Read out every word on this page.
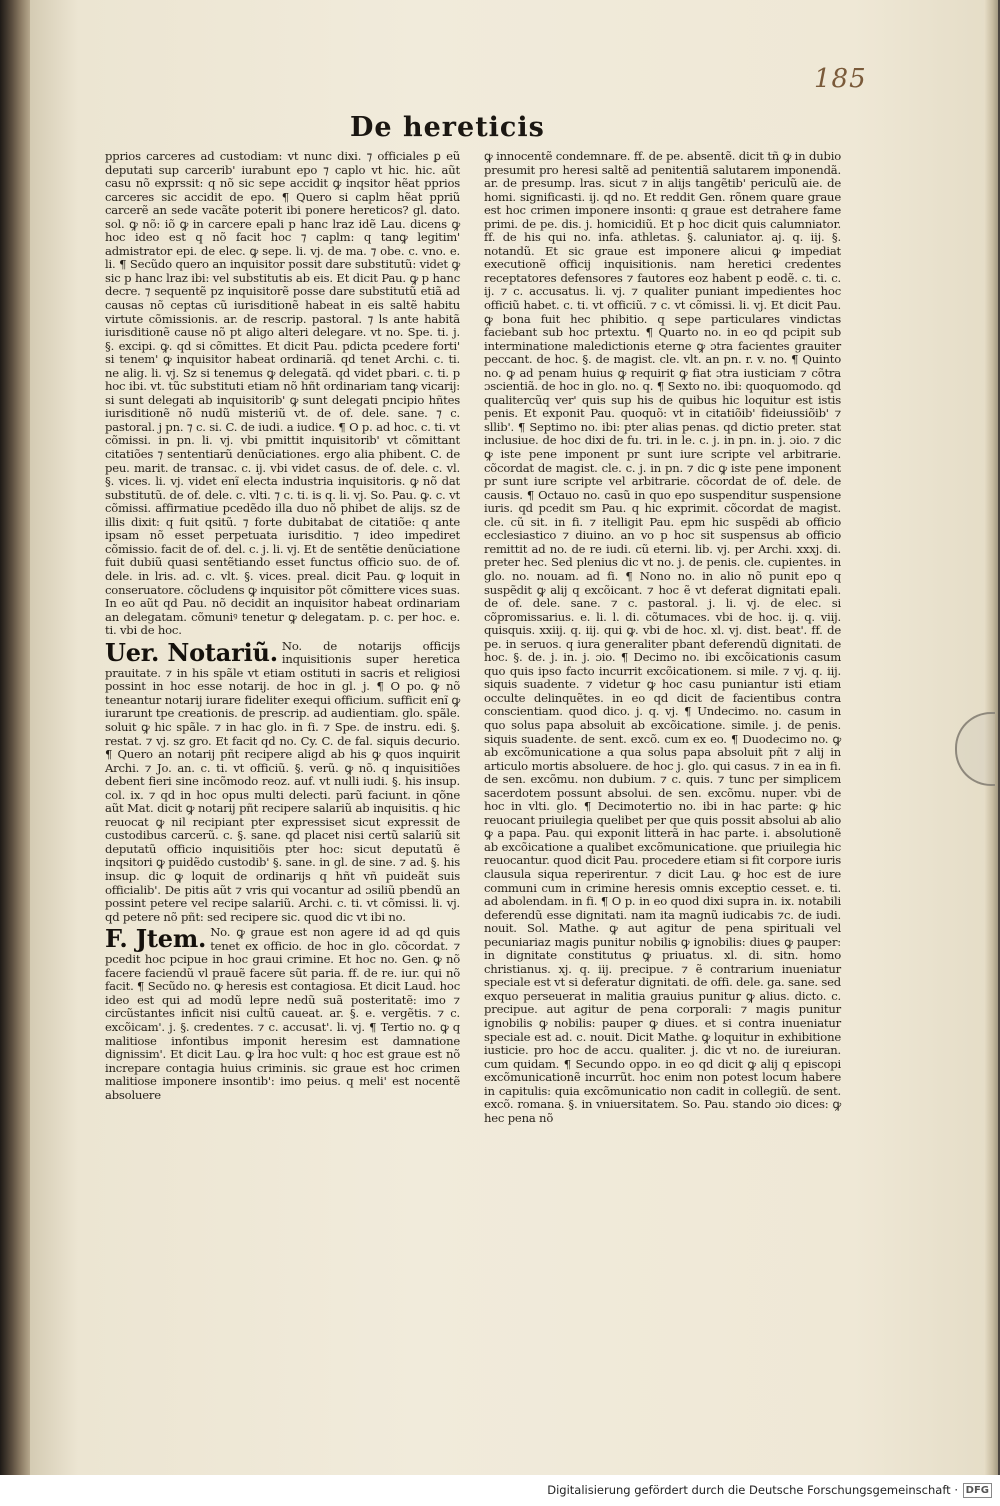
185
De hereticis

pprios carceres ad custodiam: vt nunc dixi. ⁊ officiales ꝑ eũ deputati sup carcerib' iurabunt epo ⁊ caplo vt hic. hic. aũt casu nõ exprssit: q nõ sic sepe accidit ꝙ inqsitor hẽat pprios carceres sic accidit de epo. ¶ Quero si caplm hẽat ppriũ carcerẽ an sede vacãte poterit ibi ponere hereticos? gl. dato. sol. ꝙ nõ: iõ ꝙ in carcere epali p hanc lraz idẽ Lau. dicens ꝙ hoc ideo est q nõ facit hoc ⁊ caplm: q tanꝙ legitim' admistrator epi. de elec. ꝙ sepe. li. vj. de ma. ⁊ obe. c. vno. e. li. ¶ Secũdo quero an inquisitor possit dare substitutũ: videt ꝙ sic p hanc lraz ibi: vel substitutis ab eis. Et dicit Pau. ꝙ p hanc decre. ⁊ sequentẽ pz inquisitorẽ posse dare substitutũ etiã ad causas nõ ceptas cũ iurisditionẽ habeat in eis saltẽ habitu virtute cõmissionis. ar. de rescrip. pastoral. ⁊ ls ante habitã iurisditionẽ cause nõ pt aligo alteri delegare. vt no. Spe. ti. j. §. excipi. ꝙ. qd si cõmittes. Et dicit Pau. pdicta pcedere forti' si tenem' ꝙ inquisitor habeat ordinariã. qd tenet Archi. c. ti. ne alig. li. vj. Sz si tenemus ꝙ delegatã. qd videt pbari. c. ti. p hoc ibi. vt. tũc substituti etiam nõ hñt ordinariam tanꝙ vicarij: si sunt delegati ab inquisitorib' ꝙ sunt delegati pncipio hñtes iurisditionẽ nõ nudũ misteriũ vt. de of. dele. sane. ⁊ c. pastoral. j pn. ⁊ c. si. C. de iudi. a iudice. ¶ O p. ad hoc. c. ti. vt cõmissi. in pn. li. vj. vbi pmittit inquisitorib' vt cõmittant citatiões ⁊ sententiarũ denũciationes. ergo alia phibent. C. de peu. marit. de transac. c. ij. vbi videt casus. de of. dele. c. vl. §. vices. li. vj. videt enĩ electa industria inquisitoris. ꝙ nõ dat substitutũ. de of. dele. c. vlti. ⁊ c. ti. is q. li. vj. So. Pau. ꝙ. c. vt cõmissi. affirmatiue pcedẽdo illa duo nõ phibet de alijs. sz de illis dixit: q fuit qsitũ. ⁊ forte dubitabat de citatiõe: q ante ipsam nõ esset perpetuata iurisditio. ⁊ ideo impediret cõmissio. facit de of. del. c. j. li. vj. Et de sentẽtie denũciatione fuit dubiũ quasi sentẽtiando esset functus officio suo. de of. dele. in lris. ad. c. vlt. §. vices. preal. dicit Pau. ꝙ loquit in conseruatore. cõcludens ꝙ inquisitor põt cõmittere vices suas. In eo aũt qd Pau. nõ decidit an inquisitor habeat ordinariam an delegatam. cõmuniꝰ tenetur ꝙ delegatam. p. c. per hoc. e. ti. vbi de hoc.

Uer. Notariũ. No. de notarijs officijs inquisitionis super heretica prauitate. ⁊ in his spãle vt etiam ostituti in sacris et religiosi possint in hoc esse notarij. de hoc in gl. j. ¶ O po. ꝙ nõ teneantur notarij iurare fideliter exequi officium. sufficit enĩ ꝙ iurarunt tpe creationis. de prescrip. ad audientiam. glo. spãle. soluit ꝙ hic spãle. ⁊ in hac glo. in fi. ⁊ Spe. de instru. edi. §. restat. ⁊ vj. sz gro. Et facit qd no. Cy. C. de fal. siquis decurio. ¶ Quero an notarij pñt recipere aligd ab his ꝙ quos inquirit Archi. ⁊ Jo. an. c. ti. vt officiũ. §. verũ. ꝙ nõ. q inquisitiões debent fieri sine incõmodo reoz. auf. vt nulli iudi. §. his insup. col. ix. ⁊ qd in hoc opus multi delecti. parũ faciunt. in qõne aũt Mat. dicit ꝙ notarij pñt recipere salariũ ab inquisitis. q hic reuocat ꝙ nil recipiant pter expressiset sicut expressit de custodibus carcerũ. c. §. sane. qd placet nisi certũ salariũ sit deputatũ officio inquisitiõis pter hoc: sicut deputatũ ẽ inqsitori ꝙ puidẽdo custodib' §. sane. in gl. de sine. ⁊ ad. §. his insup. dic ꝙ loquit de ordinarijs q hñt vñ puideãt suis officialib'. De pitis aũt ⁊ vris qui vocantur ad ɔsiliũ pbendũ an possint petere vel recipe salariũ. Archi. c. ti. vt cõmissi. li. vj. qd petere nõ pñt: sed recipere sic. quod dic vt ibi no.
F. Jtem. No. ꝙ graue est non agere id ad qd quis tenet ex officio. de hoc in glo. cõcordat. ⁊ pcedit hoc pcipue in hoc graui crimine. Et hoc no. Gen. ꝙ nõ facere faciendũ vl prauẽ facere sũt paria. ff. de re. iur. qui nõ facit. ¶ Secũdo no. ꝙ heresis est contagiosa. Et dicit Laud. hoc ideo est qui ad modũ lepre nedũ suã posteritatẽ: imo ⁊ circũstantes inficit nisi cultũ caueat. ar. §. e. vergẽtis. ⁊ c. excõicam'. j. §. credentes. ⁊ c. accusat'. li. vj. ¶ Tertio no. ꝙ q malitiose infontibus imponit heresim est damnatione dignissim'. Et dicit Lau. ꝙ lra hoc vult: q hoc est graue est nõ increpare contagia huius criminis. sic graue est hoc crimen malitiose imponere insontib': imo peius. q meli' est nocentẽ absoluere

ꝙ innocentẽ condemnare. ff. de pe. absentẽ. dicit tñ ꝙ in dubio presumit pro heresi saltẽ ad penitentiã salutarem imponendã. ar. de presump. lras. sicut ⁊ in alijs tangẽtib' periculũ aie. de homi. significasti. ij. qd no. Et reddit Gen. rõnem quare graue est hoc crimen imponere insonti: q graue est detrahere fame primi. de pe. dis. j. homicidiũ. Et p hoc dicit quis calumniator. ff. de his qui no. infa. athletas. §. caluniator. aj. q. iij. §. notandũ. Et sic graue est imponere alicui ꝙ impediat executionẽ officij inquisitionis. nam heretici credentes receptatores defensores ⁊ fautores eoz habent p eodẽ. c. ti. c. ij. ⁊ c. accusatus. li. vj. ⁊ qualiter puniant impedientes hoc officiũ habet. c. ti. vt officiũ. ⁊ c. vt cõmissi. li. vj. Et dicit Pau. ꝙ bona fuit hec phibitio. q sepe particulares vindictas faciebant sub hoc prtextu. ¶ Quarto no. in eo qd pcipit sub interminatione maledictionis eterne ꝙ ɔtra facientes grauiter peccant. de hoc. §. de magist. cle. vlt. an pn. r. v. no. ¶ Quinto no. ꝙ ad penam huius ꝙ requirit ꝙ fiat ɔtra iusticiam ⁊ cõtra ɔscientiã. de hoc in glo. no. q. ¶ Sexto no. ibi: quoquomodo. qd qualitercũq ver' quis sup his de quibus hic loquitur est istis penis. Et exponit Pau. quoquõ: vt in citatiõib' fideiussiõib' ⁊ sllib'. ¶ Septimo no. ibi: pter alias penas. qd dictio preter. stat inclusiue. de hoc dixi de fu. tri. in le. c. j. in pn. in. j. ɔio. ⁊ dic ꝙ iste pene imponent pr sunt iure scripte vel arbitrarie. cõcordat de magist. cle. c. j. in pn. ⁊ dic ꝙ iste pene imponent pr sunt iure scripte vel arbitrarie. cõcordat de of. dele. de causis. ¶ Octauo no. casũ in quo epo suspenditur suspensione iuris. qd pcedit sm Pau. q hic exprimit. cõcordat de magist. cle. cũ sit. in fi. ⁊ itelligit Pau. epm hic suspẽdi ab officio ecclesiastico ⁊ diuino. an vo p hoc sit suspensus ab officio remittit ad no. de re iudi. cũ eterni. lib. vj. per Archi. xxxj. di. preter hec. Sed plenius dic vt no. j. de penis. cle. cupientes. in glo. no. nouam. ad fi. ¶ Nono no. in alio nõ punit epo q suspẽdit ꝙ alij q excõicant. ⁊ hoc ẽ vt deferat dignitati epali. de of. dele. sane. ⁊ c. pastoral. j. li. vj. de elec. si cõpromissarius. e. li. l. di. cõtumaces. vbi de hoc. ij. q. viij. quisquis. xxiij. q. iij. qui ꝙ. vbi de hoc. xl. vj. dist. beat'. ff. de pe. in seruos. q iura generaliter pbant deferendũ dignitati. de hoc. §. de. j. in. j. ɔio. ¶ Decimo no. ibi excõicationis casum quo quis ipso facto incurrit excõicationem. si mile. ⁊ vj. q. iij. siquis suadente. ⁊ videtur ꝙ hoc casu puniantur isti etiam occulte delinquẽtes. in eo qd dicit de facientibus contra conscientiam. quod dico. j. q. vj. ¶ Undecimo. no. casum in quo solus papa absoluit ab excõicatione. simile. j. de penis. siquis suadente. de sent. excõ. cum ex eo. ¶ Duodecimo no. ꝙ ab excõmunicatione a qua solus papa absoluit pñt ⁊ alij in articulo mortis absoluere. de hoc j. glo. qui casus. ⁊ in ea in fi. de sen. excõmu. non dubium. ⁊ c. quis. ⁊ tunc per simplicem sacerdotem possunt absolui. de sen. excõmu. nuper. vbi de hoc in vlti. glo. ¶ Decimotertio no. ibi in hac parte: ꝙ hic reuocant priuilegia quelibet per que quis possit absolui ab alio ꝙ a papa. Pau. qui exponit litterã in hac parte. i. absolutionẽ ab excõicatione a qualibet excõmunicatione. que priuilegia hic reuocantur. quod dicit Pau. procedere etiam si fit corpore iuris clausula siqua reperirentur. ⁊ dicit Lau. ꝙ hoc est de iure communi cum in crimine heresis omnis exceptio cesset. e. ti. ad abolendam. in fi. ¶ O p. in eo quod dixi supra in. ix. notabili deferendũ esse dignitati. nam ita magnũ iudicabis ⁊c. de iudi. nouit. Sol. Mathe. ꝙ aut agitur de pena spirituali vel pecuniariaz magis punitur nobilis ꝙ ignobilis: diues ꝙ pauper: in dignitate constitutus ꝙ priuatus. xl. di. sitn. homo christianus. xj. q. iij. precipue. ⁊ ẽ contrarium inueniatur speciale est vt si deferatur dignitati. de offi. dele. ga. sane. sed exquo perseuerat in malitia grauius punitur ꝙ alius. dicto. c. precipue. aut agitur de pena corporali: ⁊ magis punitur ignobilis ꝙ nobilis: pauper ꝙ diues. et si contra inueniatur speciale est ad. c. nouit. Dicit Mathe. ꝙ loquitur in exhibitione iusticie. pro hoc de accu. qualiter. j. dic vt no. de iureiuran. cum quidam. ¶ Secundo oppo. in eo qd dicit ꝙ alij q episcopi excõmunicationẽ incurrũt. hoc enim non potest locum habere in capitulis: quia excõmunicatio non cadit in collegiũ. de sent. excõ. romana. §. in vniuersitatem. So. Pau. stando ɔio dices: ꝙ hec pena nõ

Digitalisierung gefördert durch die Deutsche Forschungsgemeinschaft · DFG
